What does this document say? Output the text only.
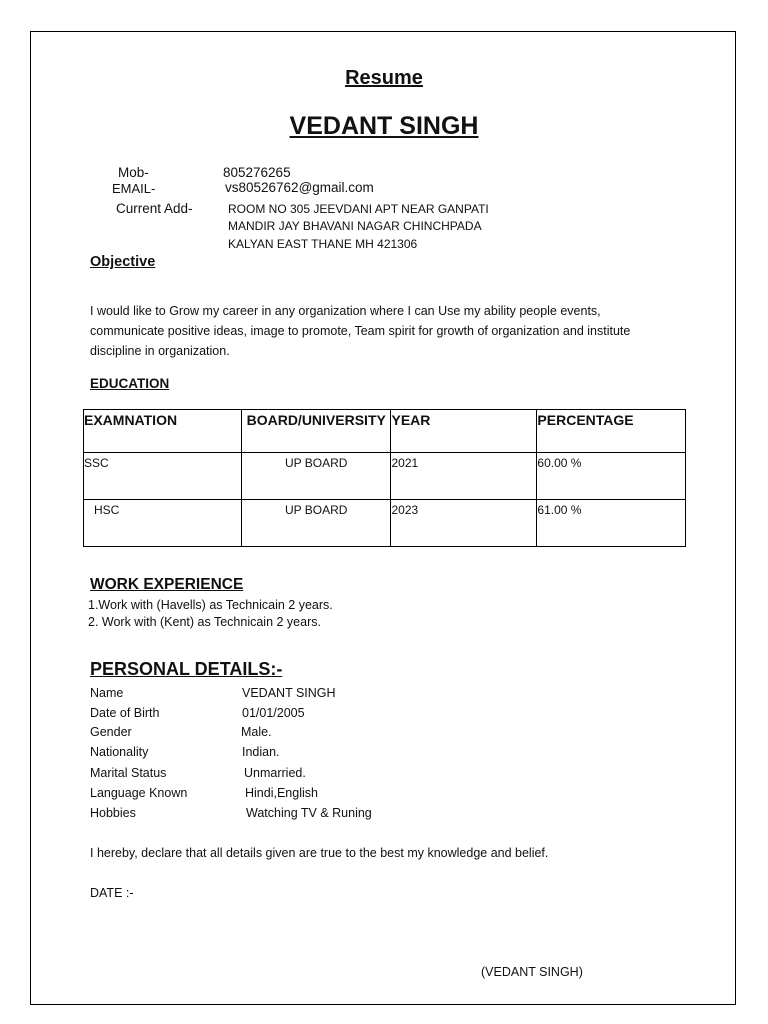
Resume
VEDANT SINGH
Mob-	805276265
EMAIL-	vs80526762@gmail.com
Current Add-	ROOM NO 305 JEEVDANI APT NEAR GANPATI
MANDIR JAY BHAVANI NAGAR CHINCHPADA
KALYAN EAST THANE MH 421306
Objective
I would like to Grow my career in any organization where I can Use my ability people events,
communicate positive ideas, image to promote, Team spirit for growth of organization and institute
discipline in organization.
EDUCATION
EXAMNATION	BOARD/UNIVERSITY	YEAR	PERCENTAGE
SSC	UP BOARD	2021	60.00 %
HSC	UP BOARD	2023	61.00 %
WORK EXPERIENCE
1.Work with (Havells) as Technicain 2 years.
2. Work with (Kent) as Technicain 2 years.
PERSONAL DETAILS:-
Name	VEDANT SINGH
Date of Birth	01/01/2005
Gender	Male.
Nationality	Indian.
Marital Status	Unmarried.
Language Known	Hindi,English
Hobbies	Watching TV & Runing
I hereby, declare that all details given are true to the best my knowledge and belief.
DATE :-
(VEDANT SINGH)
